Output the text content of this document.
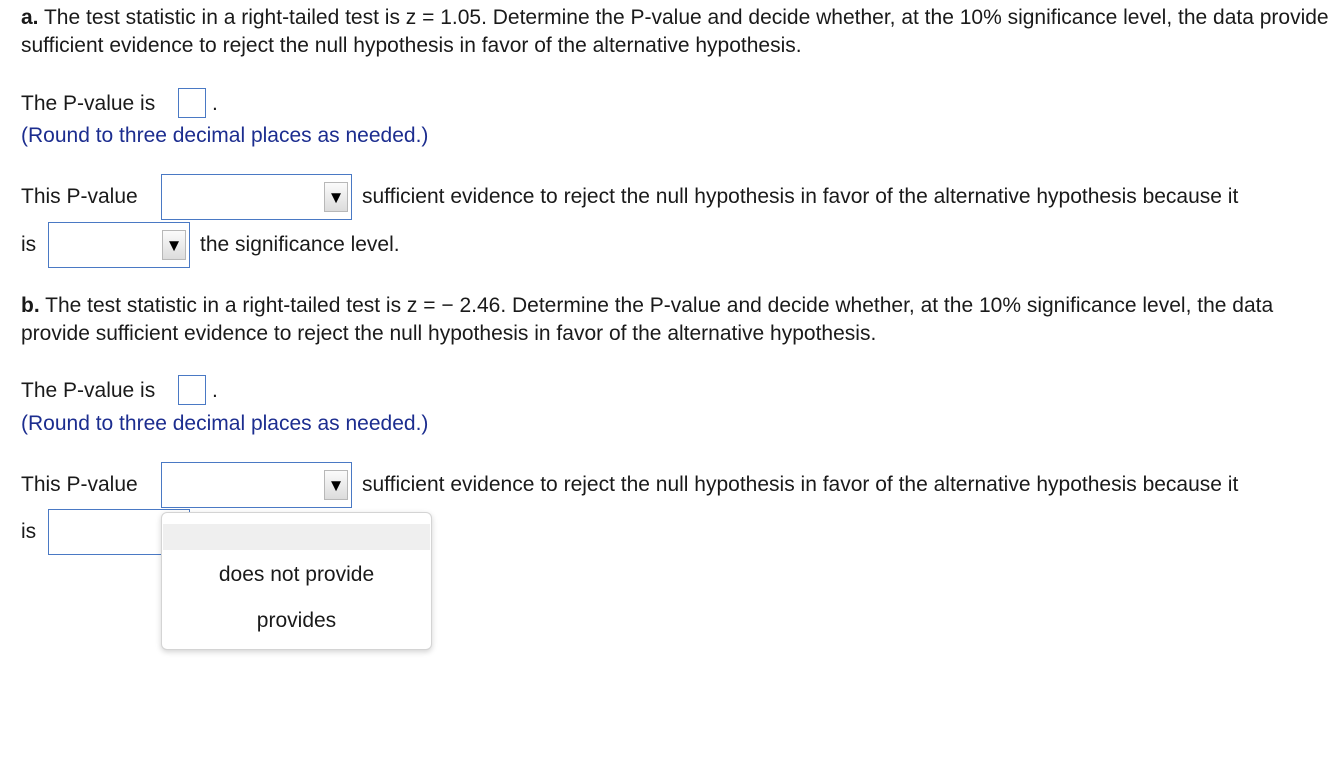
a. The test statistic in a right-tailed test is z = 1.05. Determine the P-value and decide whether, at the 10% significance level, the data provide sufficient evidence to reject the null hypothesis in favor of the alternative hypothesis.
The P-value is	.
(Round to three decimal places as needed.)
This P-value	▼ sufficient evidence to reject the null hypothesis in favor of the alternative hypothesis because it
is	▼ the significance level.
b. The test statistic in a right-tailed test is z = − 2.46. Determine the P-value and decide whether, at the 10% significance level, the data provide sufficient evidence to reject the null hypothesis in favor of the alternative hypothesis.
The P-value is	.
(Round to three decimal places as needed.)
This P-value	▼ sufficient evidence to reject the null hypothesis in favor of the alternative hypothesis because it
is
does not provide
provides
